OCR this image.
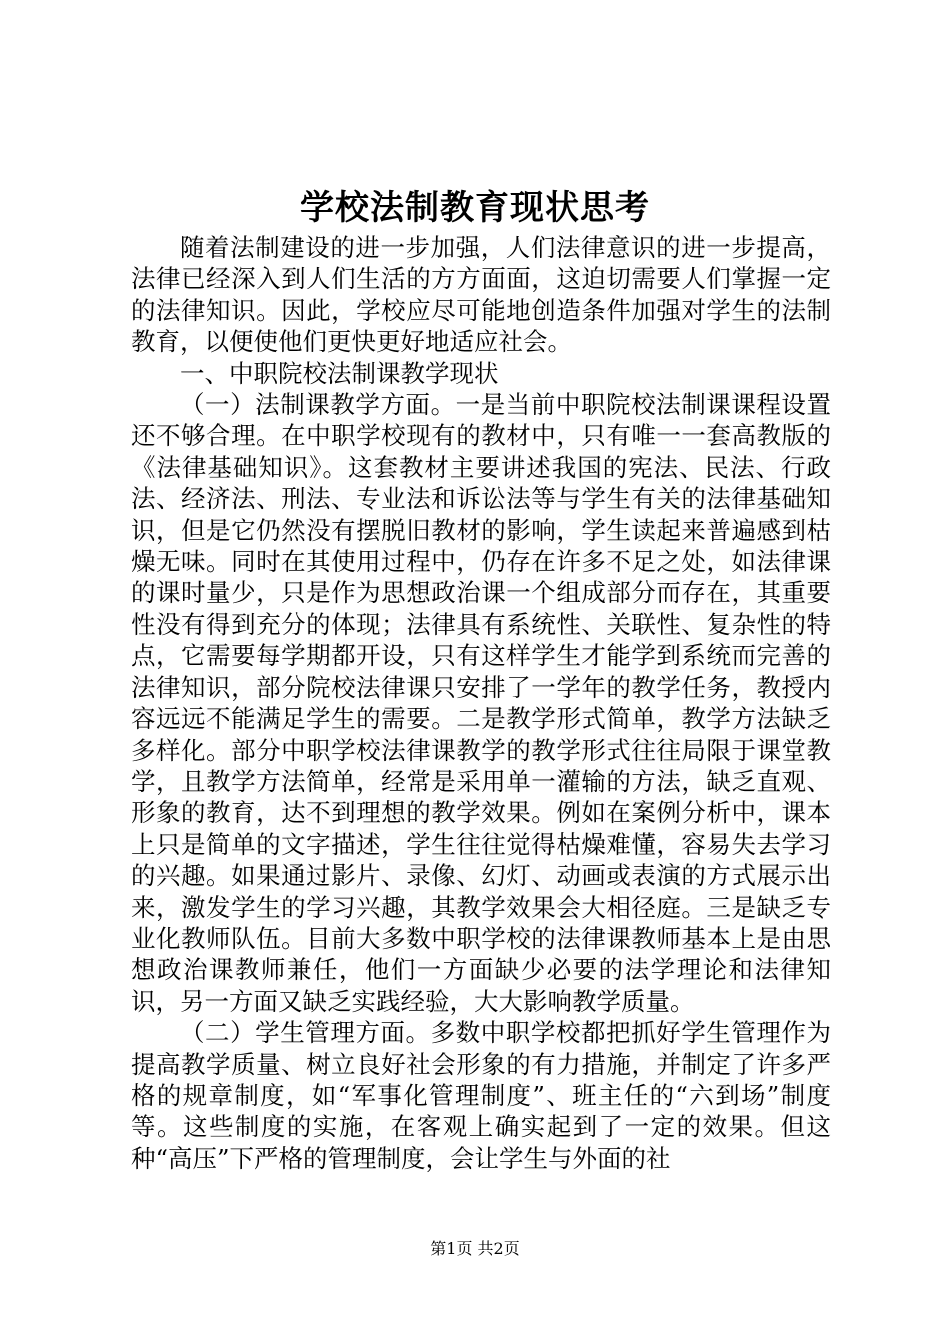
学校法制教育现状思考

随着法制建设的进一步加强，人们法律意识的进一步提高，法律已经深入到人们生活的方方面面，这迫切需要人们掌握一定的法律知识。因此，学校应尽可能地创造条件加强对学生的法制教育，以便使他们更快更好地适应社会。

一、中职院校法制课教学现状

（一）法制课教学方面。一是当前中职院校法制课课程设置还不够合理。在中职学校现有的教材中，只有唯一一套高教版的《法律基础知识》。这套教材主要讲述我国的宪法、民法、行政法、经济法、刑法、专业法和诉讼法等与学生有关的法律基础知识，但是它仍然没有摆脱旧教材的影响，学生读起来普遍感到枯燥无味。同时在其使用过程中，仍存在许多不足之处，如法律课的课时量少，只是作为思想政治课一个组成部分而存在，其重要性没有得到充分的体现；法律具有系统性、关联性、复杂性的特点，它需要每学期都开设，只有这样学生才能学到系统而完善的法律知识，部分院校法律课只安排了一学年的教学任务，教授内容远远不能满足学生的需要。二是教学形式简单，教学方法缺乏多样化。部分中职学校法律课教学的教学形式往往局限于课堂教学，且教学方法简单，经常是采用单一灌输的方法，缺乏直观、形象的教育，达不到理想的教学效果。例如在案例分析中，课本上只是简单的文字描述，学生往往觉得枯燥难懂，容易失去学习的兴趣。如果通过影片、录像、幻灯、动画或表演的方式展示出来，激发学生的学习兴趣，其教学效果会大相径庭。三是缺乏专业化教师队伍。目前大多数中职学校的法律课教师基本上是由思想政治课教师兼任，他们一方面缺少必要的法学理论和法律知识，另一方面又缺乏实践经验，大大影响教学质量。

（二）学生管理方面。多数中职学校都把抓好学生管理作为提高教学质量、树立良好社会形象的有力措施，并制定了许多严格的规章制度，如“军事化管理制度”、班主任的“六到场”制度等。这些制度的实施，在客观上确实起到了一定的效果。但这种“高压”下严格的管理制度，会让学生与外面的社

第1页 共2页
